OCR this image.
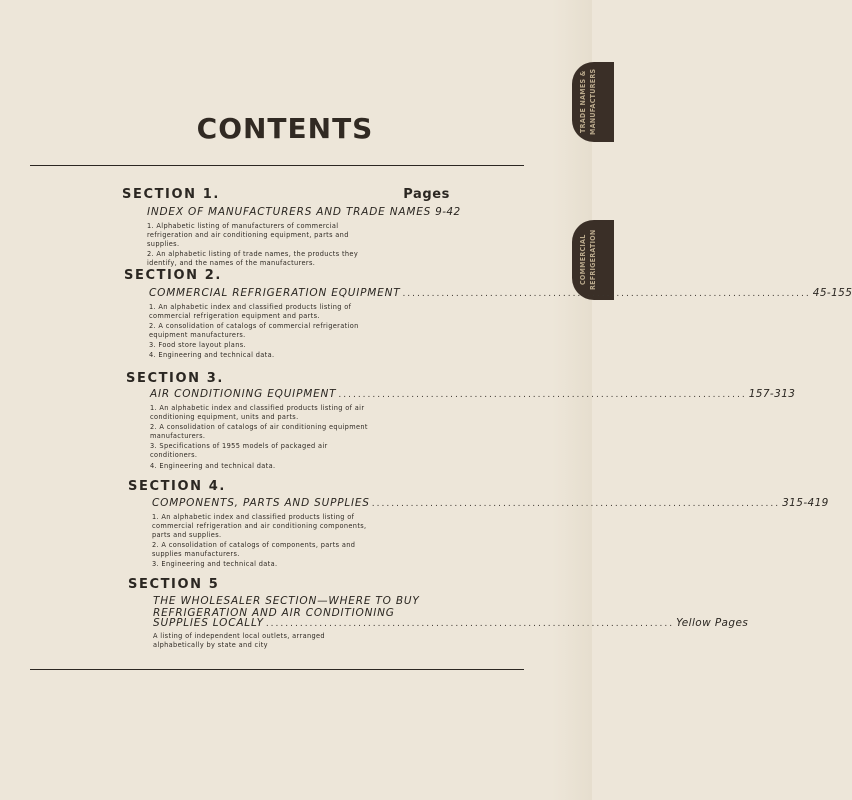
TRADE NAMES & MANUFACTURERS
COMMERCIAL REFRIGERATION
CONTENTS
Pages
SECTION 1.
INDEX OF MANUFACTURERS AND TRADE NAMES 9-42

1. Alphabetic listing of manufacturers of commercial refrigeration and air conditioning equipment, parts and supplies.

2. An alphabetic listing of trade names, the products they identify, and the names of the manufacturers.

SECTION 2.
COMMERCIAL REFRIGERATION EQUIPMENT .................................................................................... 45-155

1. An alphabetic index and classified products listing of commercial refrigeration equipment and parts.

2. A consolidation of catalogs of commercial refrigeration equipment manufacturers.

3. Food store layout plans.

4. Engineering and technical data.

SECTION 3.
AIR CONDITIONING EQUIPMENT .................................................................................... 157-313

1. An alphabetic index and classified products listing of air conditioning equipment, units and parts.

2. A consolidation of catalogs of air conditioning equipment manufacturers.

3. Specifications of 1955 models of packaged air conditioners.

4. Engineering and technical data.

SECTION 4.
COMPONENTS, PARTS AND SUPPLIES .................................................................................... 315-419

1. An alphabetic index and classified products listing of commercial refrigeration and air conditioning components, parts and supplies.

2. A consolidation of catalogs of components, parts and supplies manufacturers.

3. Engineering and technical data.

SECTION 5
THE WHOLESALER SECTION—WHERE TO BUY
REFRIGERATION AND AIR CONDITIONING
SUPPLIES LOCALLY .................................................................................... Yellow Pages

A listing of independent local outlets, arranged alphabetically by state and city
